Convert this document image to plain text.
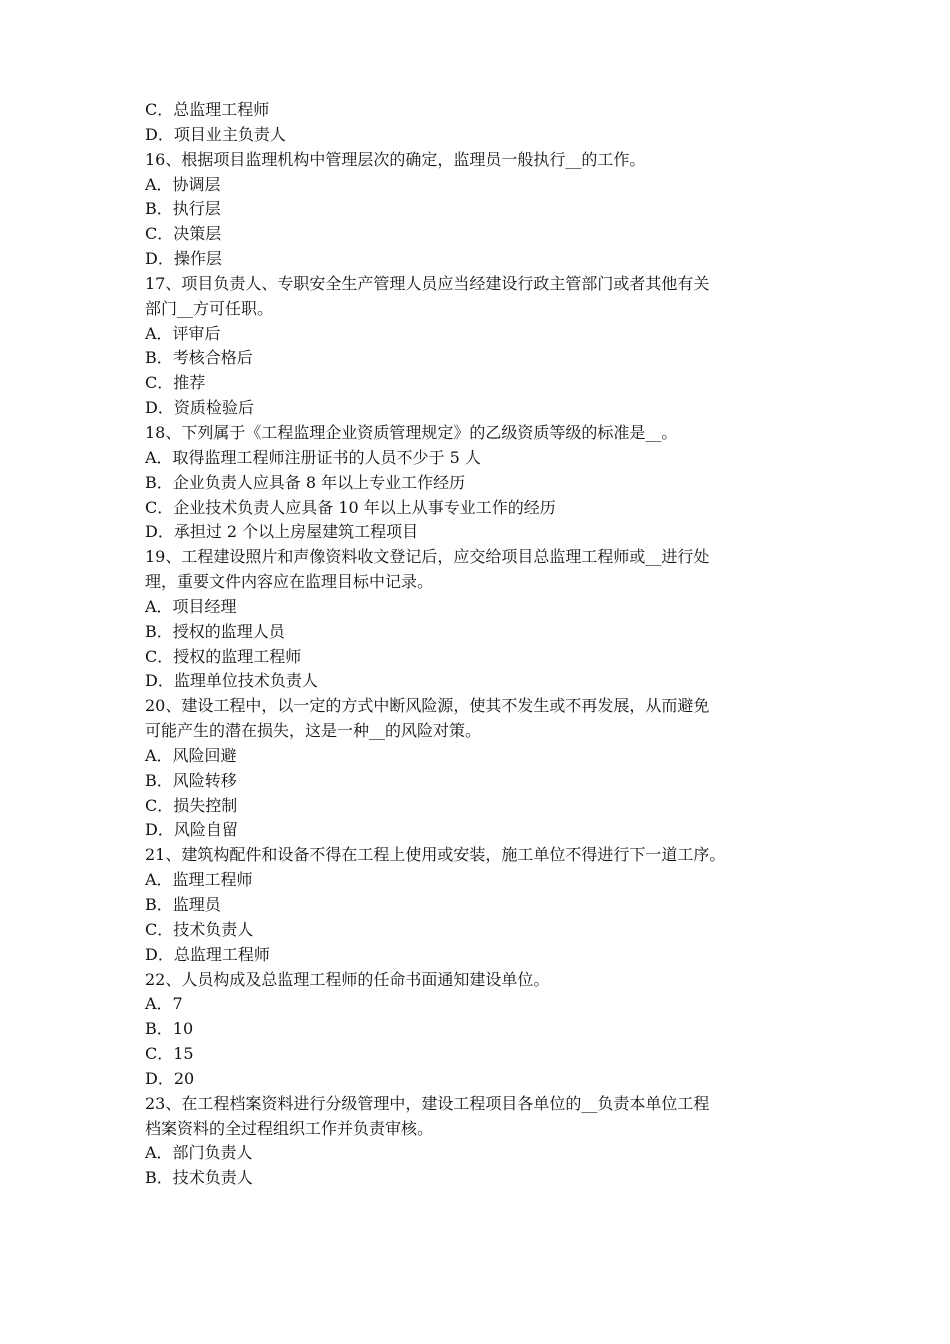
C．总监理工程师
D．项目业主负责人
16、根据项目监理机构中管理层次的确定，监理员一般执行__的工作。
A．协调层
B．执行层
C．决策层
D．操作层
17、项目负责人、专职安全生产管理人员应当经建设行政主管部门或者其他有关
部门__方可任职。
A．评审后
B．考核合格后
C．推荐
D．资质检验后
18、下列属于《工程监理企业资质管理规定》的乙级资质等级的标准是__。
A．取得监理工程师注册证书的人员不少于 5 人
B．企业负责人应具备 8 年以上专业工作经历
C．企业技术负责人应具备 10 年以上从事专业工作的经历
D．承担过 2 个以上房屋建筑工程项目
19、工程建设照片和声像资料收文登记后，应交给项目总监理工程师或__进行处
理，重要文件内容应在监理目标中记录。
A．项目经理
B．授权的监理人员
C．授权的监理工程师
D．监理单位技术负责人
20、建设工程中，以一定的方式中断风险源，使其不发生或不再发展，从而避免
可能产生的潜在损失，这是一种__的风险对策。
A．风险回避
B．风险转移
C．损失控制
D．风险自留
21、建筑构配件和设备不得在工程上使用或安装，施工单位不得进行下一道工序。
A．监理工程师
B．监理员
C．技术负责人
D．总监理工程师
22、人员构成及总监理工程师的任命书面通知建设单位。
A．7
B．10
C．15
D．20
23、在工程档案资料进行分级管理中，建设工程项目各单位的__负责本单位工程
档案资料的全过程组织工作并负责审核。
A．部门负责人
B．技术负责人
